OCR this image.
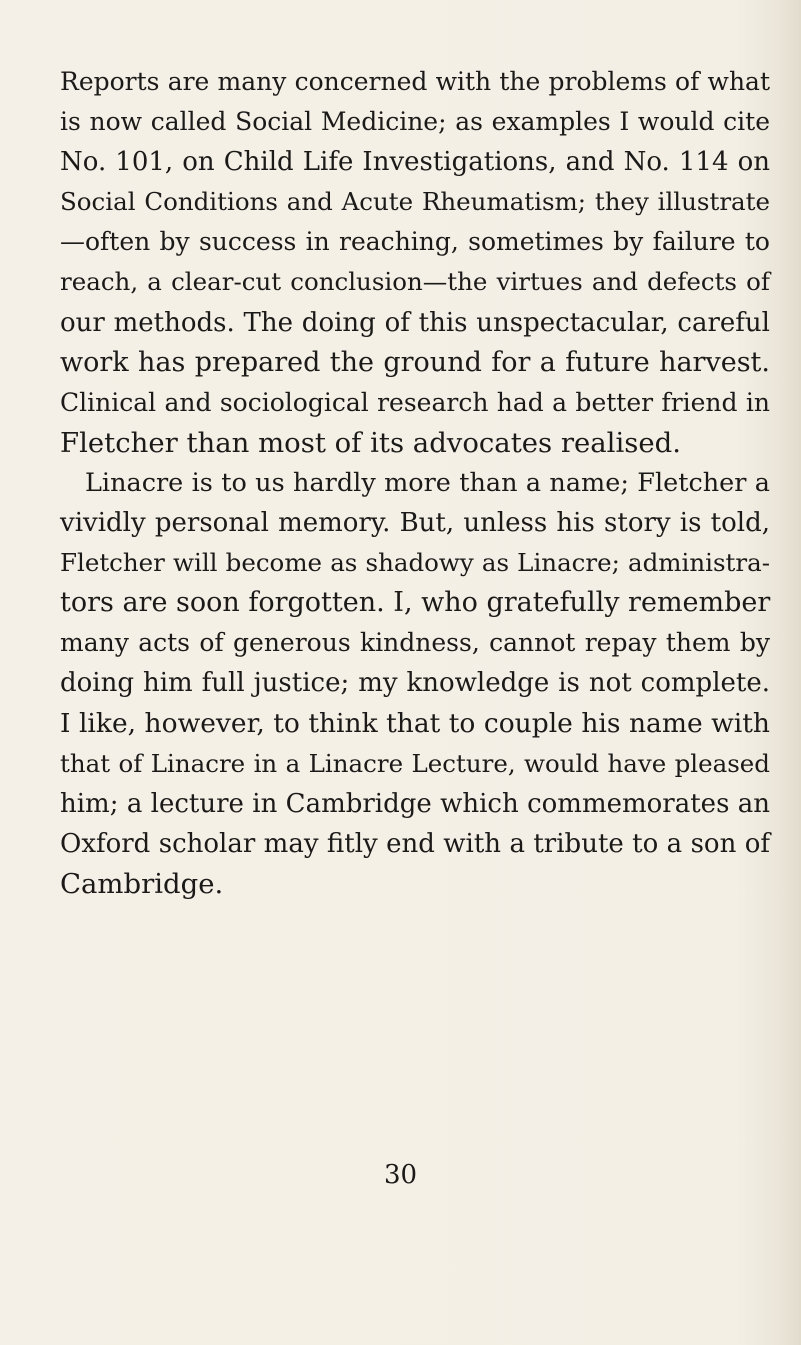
Reports are many concerned with the problems of what
is now called Social Medicine; as examples I would cite
No. 101, on Child Life Investigations, and No. 114 on
Social Conditions and Acute Rheumatism; they illustrate
—often by success in reaching, sometimes by failure to
reach, a clear-cut conclusion—the virtues and defects of
our methods. The doing of this unspectacular, careful
work has prepared the ground for a future harvest.
Clinical and sociological research had a better friend in
Fletcher than most of its advocates realised.
Linacre is to us hardly more than a name; Fletcher a
vividly personal memory. But, unless his story is told,
Fletcher will become as shadowy as Linacre; administra-
tors are soon forgotten. I, who gratefully remember
many acts of generous kindness, cannot repay them by
doing him full justice; my knowledge is not complete.
I like, however, to think that to couple his name with
that of Linacre in a Linacre Lecture, would have pleased
him; a lecture in Cambridge which commemorates an
Oxford scholar may fitly end with a tribute to a son of
Cambridge.
30
